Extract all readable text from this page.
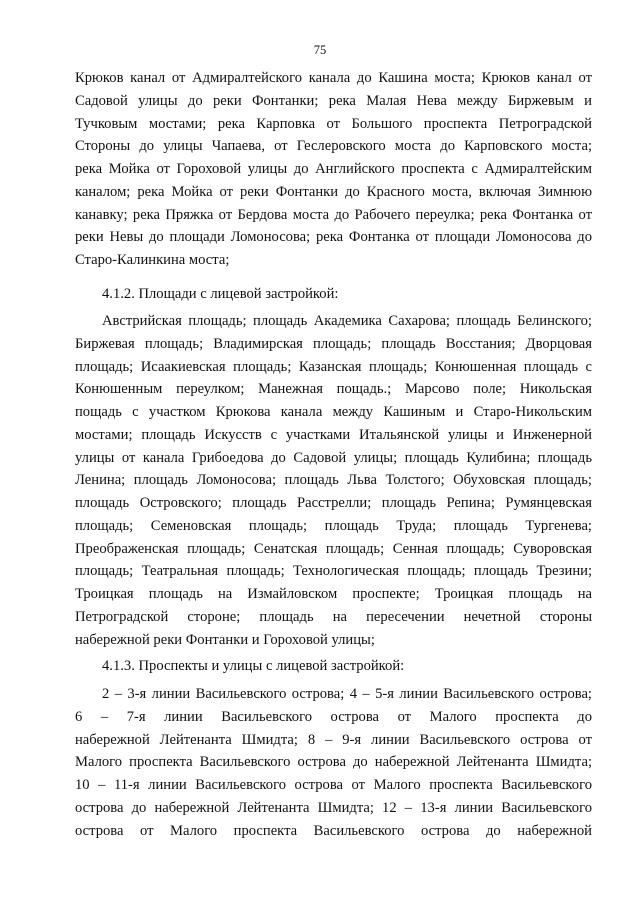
75
Крюков канал от Адмиралтейского канала до Кашина моста; Крюков канал от
Садовой улицы до реки Фонтанки; река Малая Нева между Биржевым и
Тучковым мостами; река Карповка от Большого проспекта Петроградской
Стороны до улицы Чапаева, от Геслеровского моста до Карповского моста;
река Мойка от Гороховой улицы до Английского проспекта с Адмиралтейским
каналом; река Мойка от реки Фонтанки до Красного моста, включая Зимнюю
канавку; река Пряжка от Бердова моста до Рабочего переулка; река Фонтанка от
реки Невы до площади Ломоносова; река Фонтанка от площади Ломоносова до
Старо-Калинкина моста;
4.1.2. Площади с лицевой застройкой:
Австрийская площадь; площадь Академика Сахарова; площадь Белинского;
Биржевая площадь; Владимирская площадь; площадь Восстания; Дворцовая
площадь; Исаакиевская площадь; Казанская площадь; Конюшенная площадь с
Конюшенным переулком; Манежная пощадь.; Марсово поле; Никольская
пощадь с участком Крюкова канала между Кашиным и Старо-Никольским
мостами; площадь Искусств с участками Итальянской улицы и Инженерной
улицы от канала Грибоедова до Садовой улицы; площадь Кулибина; площадь
Ленина; площадь Ломоносова; площадь Льва Толстого; Обуховская площадь;
площадь Островского; площадь Расстрелли; площадь Репина; Румянцевская
площадь; Семеновская площадь; площадь Труда; площадь Тургенева;
Преображенская площадь; Сенатская площадь; Сенная площадь; Суворовская
площадь; Театральная площадь; Технологическая площадь; площадь Трезини;
Троицкая площадь на Измайловском проспекте; Троицкая площадь на
Петроградской стороне; площадь на пересечении нечетной стороны
набережной реки Фонтанки и Гороховой улицы;
4.1.3. Проспекты и улицы с лицевой застройкой:
2 – 3-я линии Васильевского острова; 4 – 5-я линии Васильевского острова;
6 – 7-я линии Васильевского острова от Малого проспекта до
набережной Лейтенанта Шмидта; 8 – 9-я линии Васильевского острова от
Малого проспекта Васильевского острова до набережной Лейтенанта Шмидта;
10 – 11-я линии Васильевского острова от Малого проспекта Васильевского
острова до набережной Лейтенанта Шмидта; 12 – 13-я линии Васильевского
острова от Малого проспекта Васильевского острова до набережной
